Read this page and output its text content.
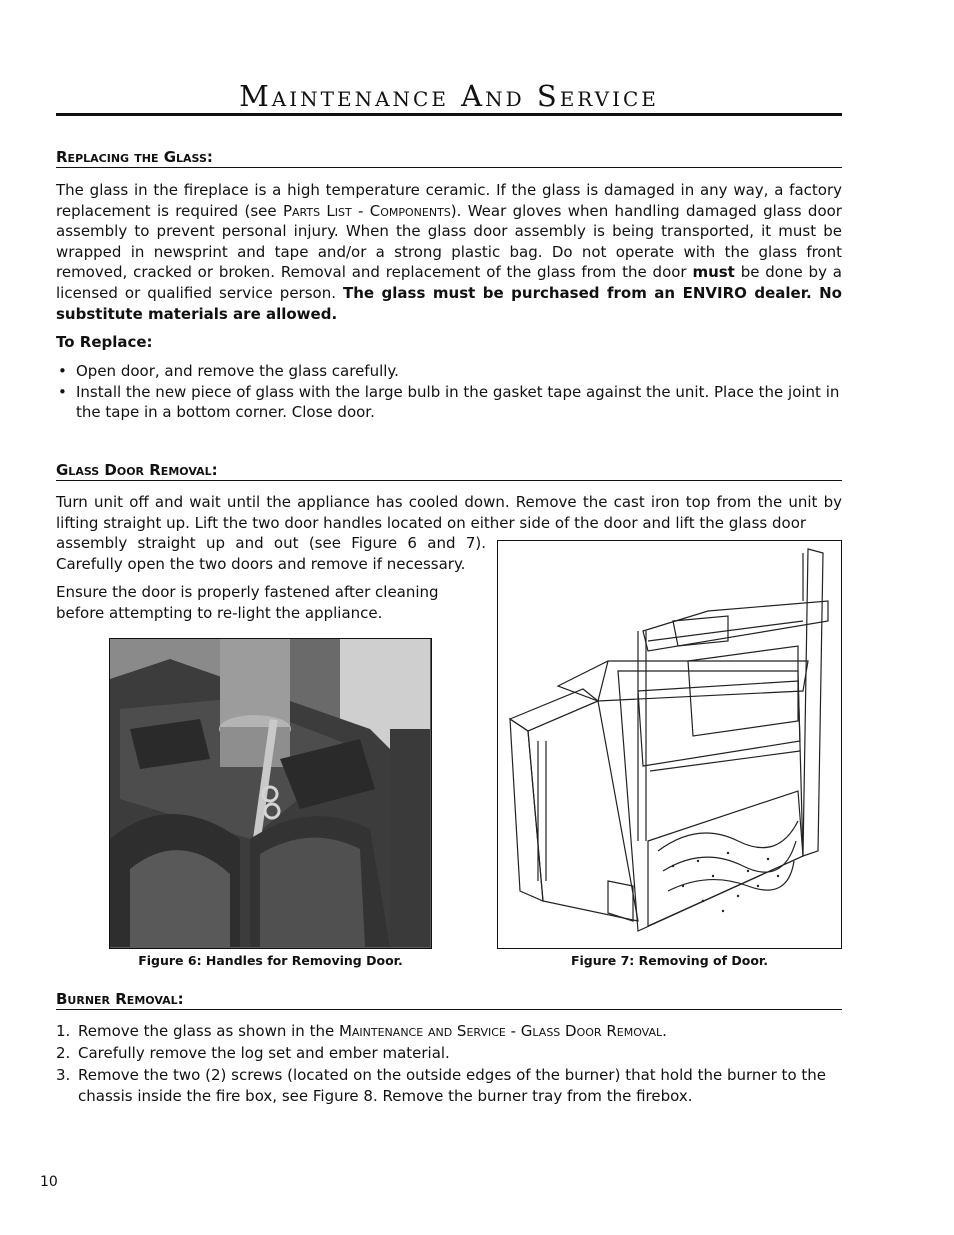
Maintenance And Service
Replacing the Glass:

The glass in the fireplace is a high temperature ceramic. If the glass is damaged in any way, a factory replacement is required (see Parts List - Components). Wear gloves when handling damaged glass door assembly to prevent personal injury. When the glass door assembly is being transported, it must be wrapped in newsprint and tape and/or a strong plastic bag. Do not operate with the glass front removed, cracked or broken. Removal and replacement of the glass from the door must be done by a licensed or qualified service person. The glass must be purchased from an ENVIRO dealer. No substitute materials are allowed.

To Replace:

• Open door, and remove the glass carefully.
• Install the new piece of glass with the large bulb in the gasket tape against the unit. Place the joint in the tape in a bottom corner. Close door.
Glass Door Removal:

Turn unit off and wait until the appliance has cooled down. Remove the cast iron top from the unit by lifting straight up. Lift the two door handles located on either side of the door and lift the glass door

assembly straight up and out (see Figure 6 and 7). Carefully open the two doors and remove if necessary.

Ensure the door is properly fastened after cleaning before attempting to re-light the appliance.

Figure 6: Handles for Removing Door.	Figure 7: Removing of Door.

Burner Removal:
1. Remove the glass as shown in the Maintenance and Service - Glass Door Removal.
2. Carefully remove the log set and ember material.
3. Remove the two (2) screws (located on the outside edges of the burner) that hold the burner to the chassis inside the fire box, see Figure 8. Remove the burner tray from the firebox.

10
